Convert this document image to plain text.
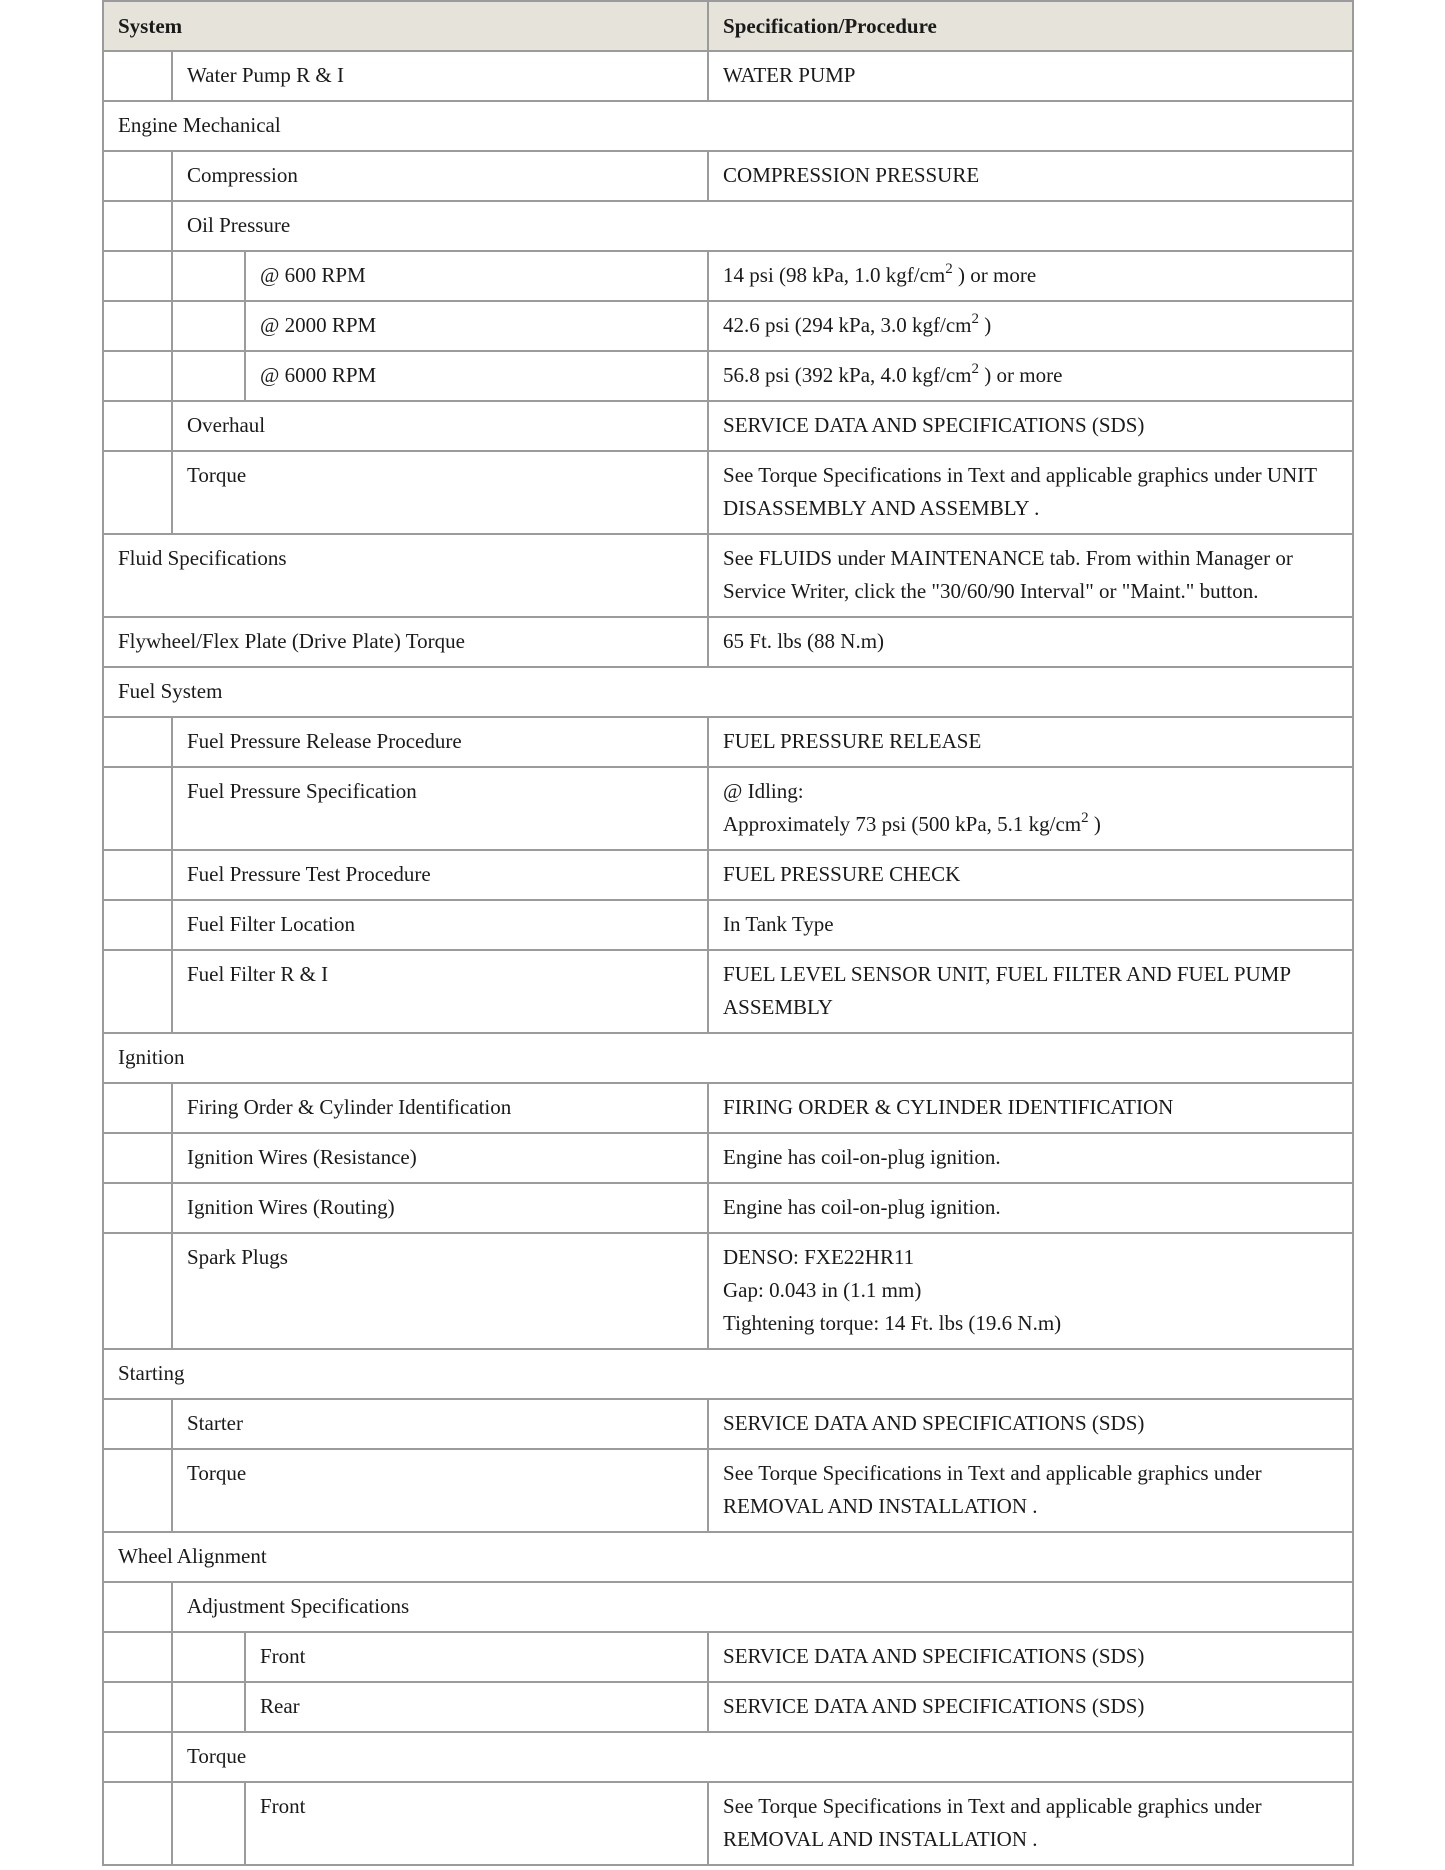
System			Specification/Procedure

	Water Pump R & I		WATER PUMP

Engine Mechanical			

	Compression		COMPRESSION PRESSURE

	Oil Pressure		

		@ 600 RPM	14 psi (98 kPa, 1.0 kgf/$cm^2$ ) or more

		@ 2000 RPM	42.6 psi (294 kPa, 3.0 kgf/$cm^2$ )

		@ 6000 RPM	56.8 psi (392 kPa, 4.0 kgf/$cm^2$ ) or more

	Overhaul		SERVICE DATA AND SPECIFICATIONS (SDS)

	Torque		See Torque Specifications in Text and applicable graphics under UNIT DISASSEMBLY AND ASSEMBLY .

Fluid Specifications			See FLUIDS under MAINTENANCE tab. From within Manager or Service Writer, click the "30/60/90 Interval" or "Maint." button.

Flywheel/Flex Plate (Drive Plate) Torque			65 Ft. lbs (88 N.m)

Fuel System			

	Fuel Pressure Release Procedure		FUEL PRESSURE RELEASE

	Fuel Pressure Specification		@ Idling:
Approximately 73 psi (500 kPa, 5.1 $kg/cm^2$ )

	Fuel Pressure Test Procedure		FUEL PRESSURE CHECK

	Fuel Filter Location		In Tank Type

	Fuel Filter R & I		FUEL LEVEL SENSOR UNIT, FUEL FILTER AND FUEL PUMP ASSEMBLY

Ignition			

	Firing Order & Cylinder Identification		FIRING ORDER & CYLINDER IDENTIFICATION

	Ignition Wires (Resistance)		Engine has coil-on-plug ignition.

	Ignition Wires (Routing)		Engine has coil-on-plug ignition.

	Spark Plugs		DENSO: FXE22HR11
Gap: 0.043 in (1.1 mm)
Tightening torque: 14 Ft. lbs (19.6 N.m)

Starting			

	Starter		SERVICE DATA AND SPECIFICATIONS (SDS)

	Torque		See Torque Specifications in Text and applicable graphics under REMOVAL AND INSTALLATION .

Wheel Alignment			

	Adjustment Specifications		

		Front	SERVICE DATA AND SPECIFICATIONS (SDS)

		Rear	SERVICE DATA AND SPECIFICATIONS (SDS)

	Torque		

		Front	See Torque Specifications in Text and applicable graphics under REMOVAL AND INSTALLATION .
